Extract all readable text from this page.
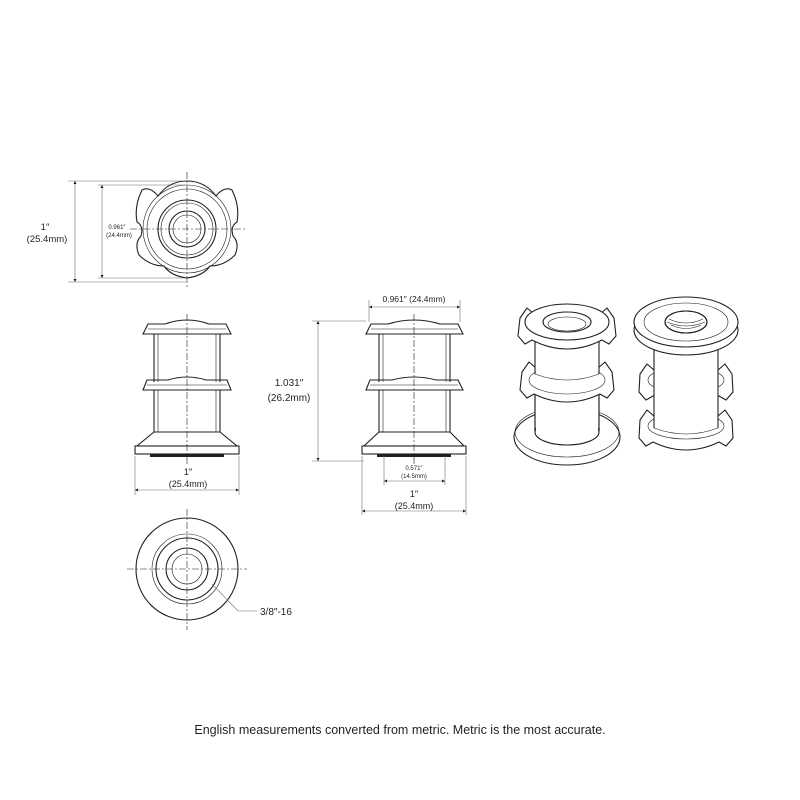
1″
(25.4mm)
0.961″
(24.4mm)
1″
(25.4mm)
3/8″-16
0.961″ (24.4mm)
1.031″
(26.2mm)
0.571″
(14.5mm)
1″
(25.4mm)
English measurements converted from metric. Metric is the most accurate.
